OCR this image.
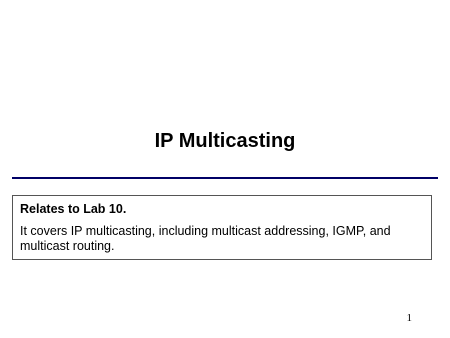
IP Multicasting

Relates to Lab 10.

It covers IP multicasting, including multicast addressing, IGMP, and multicast routing.

1
